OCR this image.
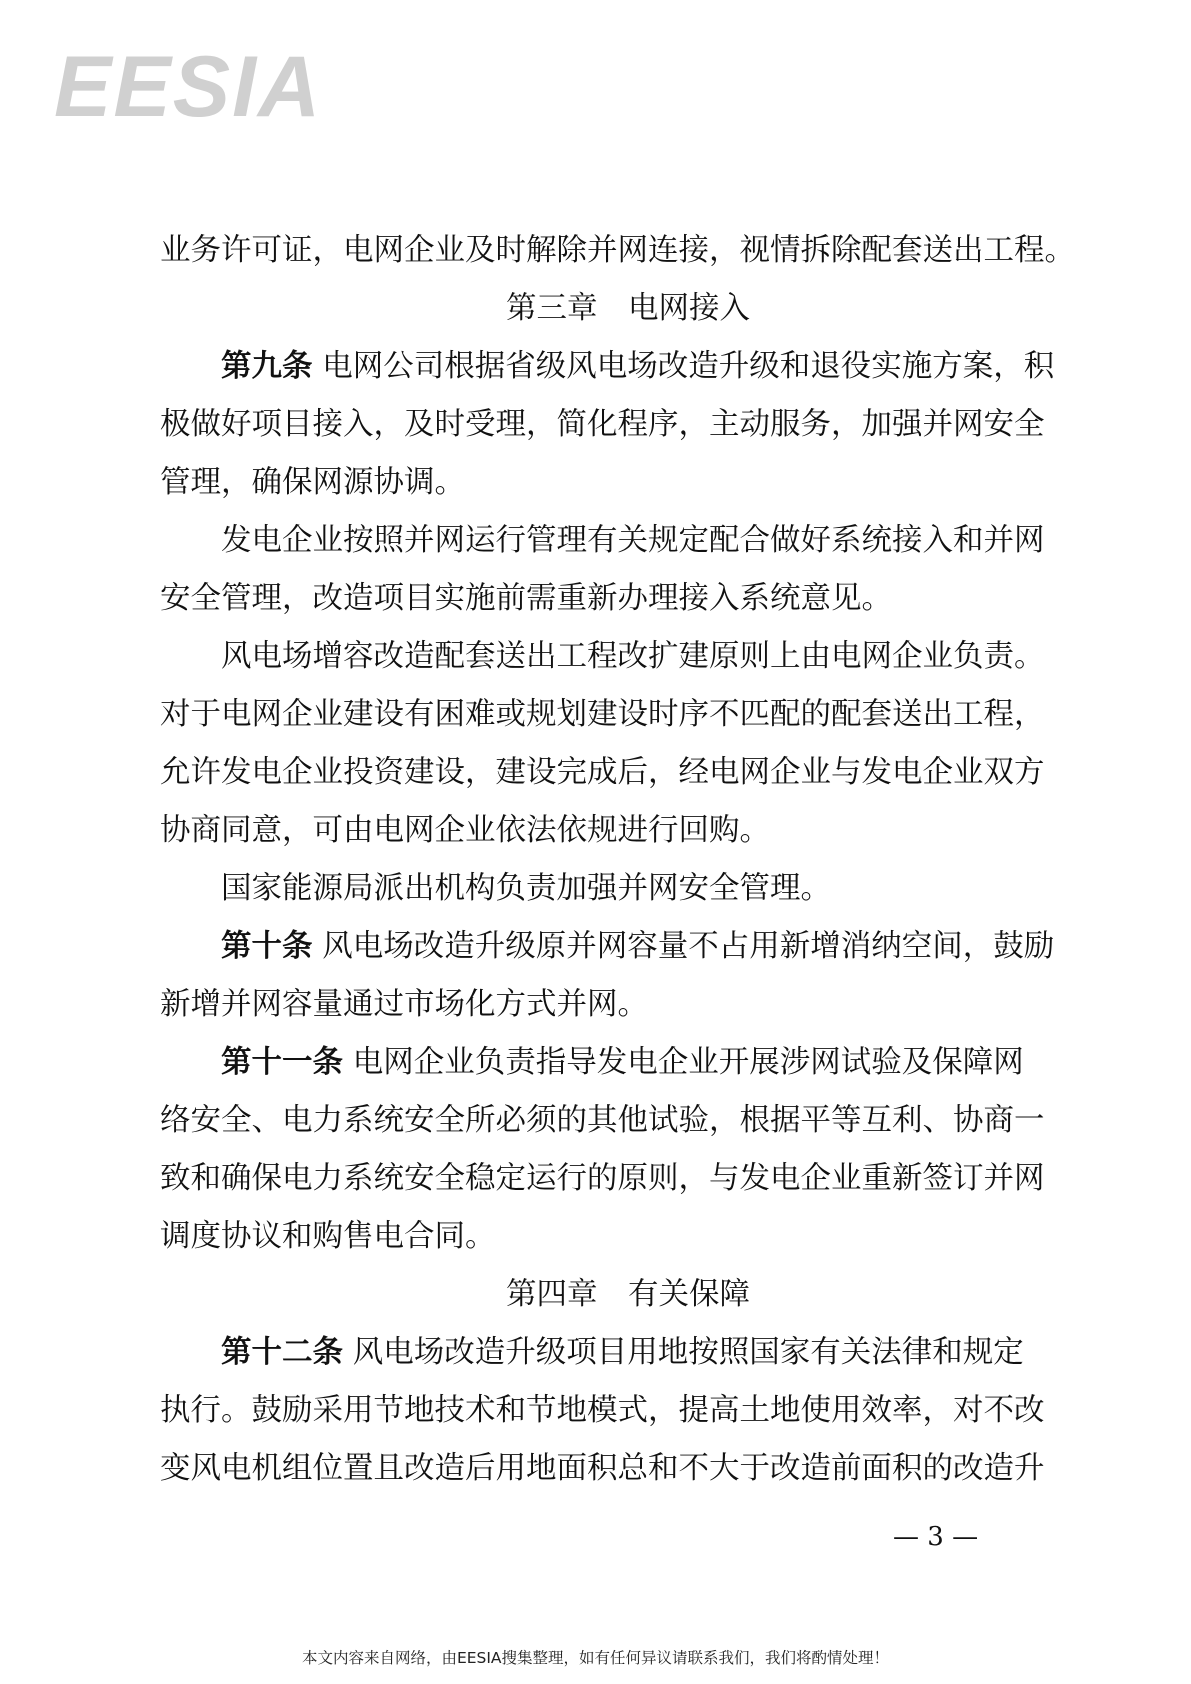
EESIA
业务许可证，电网企业及时解除并网连接，视情拆除配套送出工程。
第三章　电网接入
第九条 电网公司根据省级风电场改造升级和退役实施方案，积
极做好项目接入，及时受理，简化程序，主动服务，加强并网安全
管理，确保网源协调。
发电企业按照并网运行管理有关规定配合做好系统接入和并网
安全管理，改造项目实施前需重新办理接入系统意见。
风电场增容改造配套送出工程改扩建原则上由电网企业负责。
对于电网企业建设有困难或规划建设时序不匹配的配套送出工程，
允许发电企业投资建设，建设完成后，经电网企业与发电企业双方
协商同意，可由电网企业依法依规进行回购。
国家能源局派出机构负责加强并网安全管理。
第十条 风电场改造升级原并网容量不占用新增消纳空间，鼓励
新增并网容量通过市场化方式并网。
第十一条 电网企业负责指导发电企业开展涉网试验及保障网
络安全、电力系统安全所必须的其他试验，根据平等互利、协商一
致和确保电力系统安全稳定运行的原则，与发电企业重新签订并网
调度协议和购售电合同。
第四章　有关保障
第十二条 风电场改造升级项目用地按照国家有关法律和规定
执行。鼓励采用节地技术和节地模式，提高土地使用效率，对不改
变风电机组位置且改造后用地面积总和不大于改造前面积的改造升
— 3 —
本文内容来自网络，由EESIA搜集整理，如有任何异议请联系我们，我们将酌情处理！
